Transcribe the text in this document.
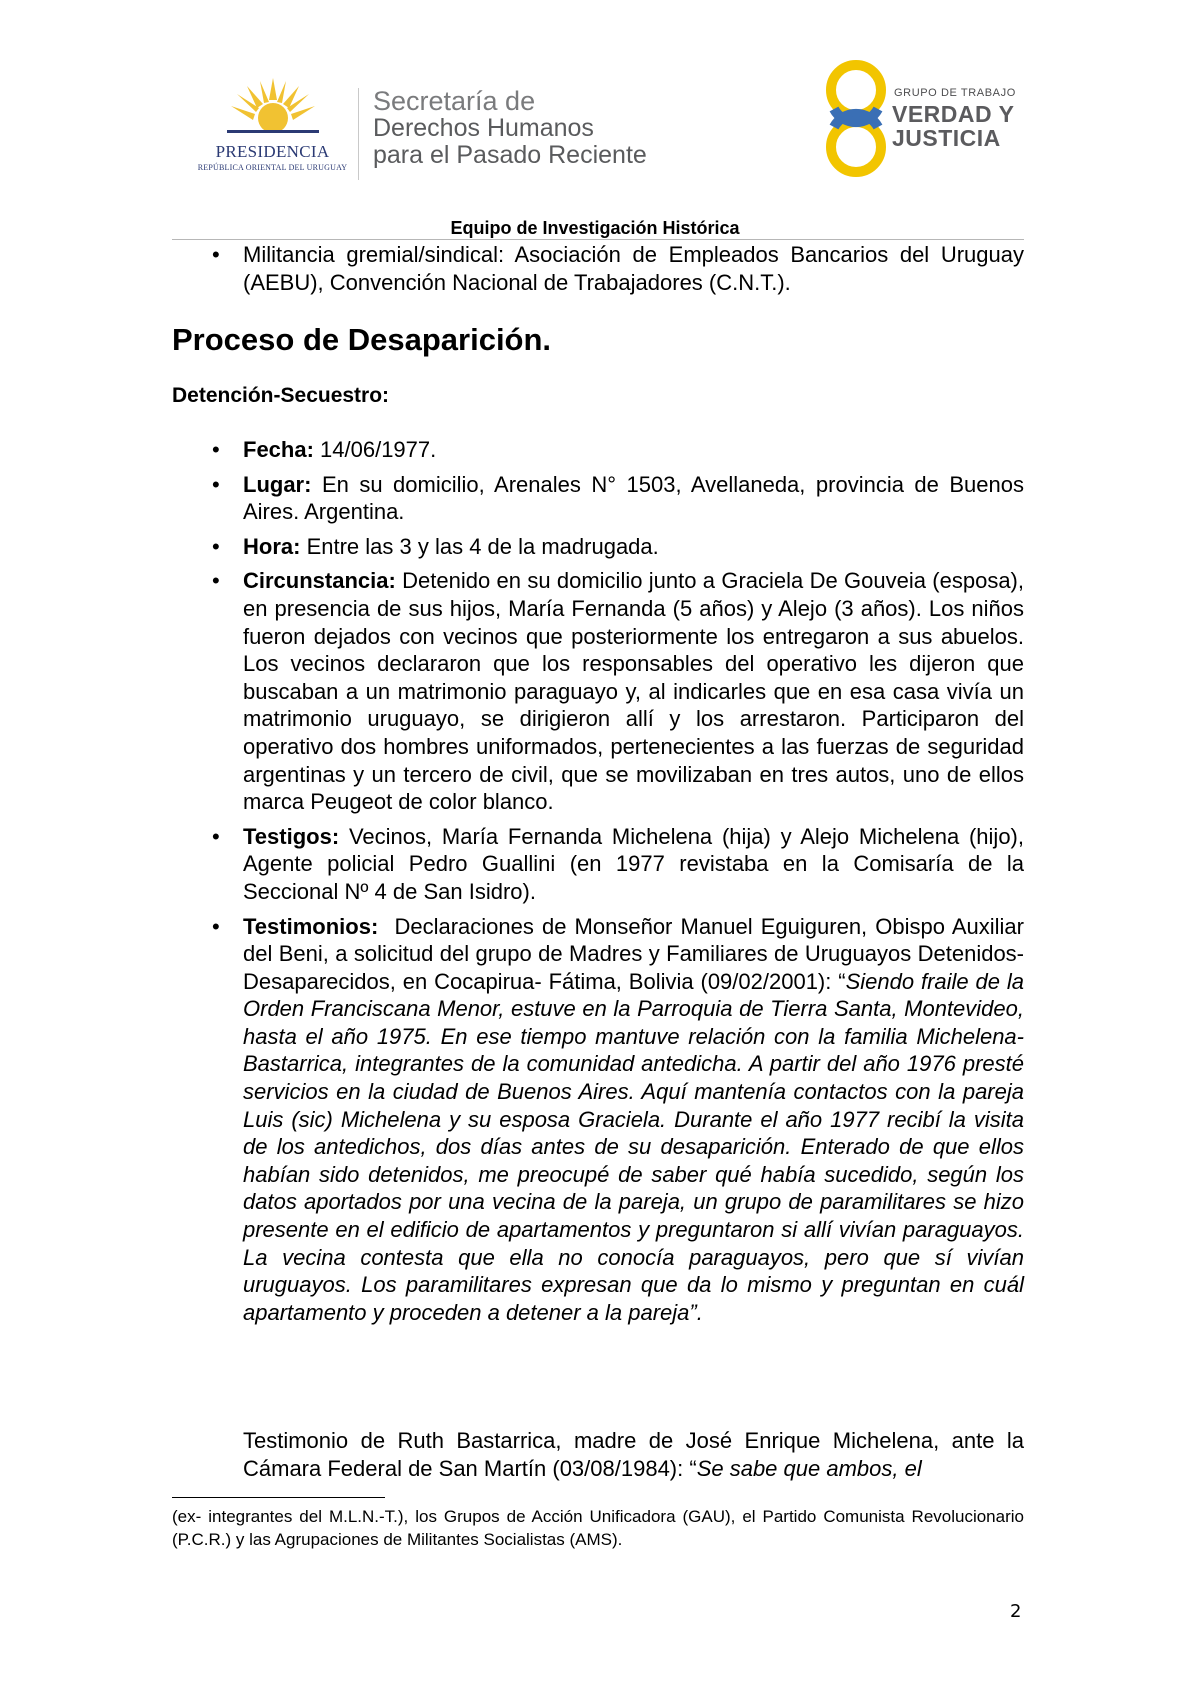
PRESIDENCIA
REPÚBLICA ORIENTAL DEL URUGUAY
Secretaría de
Derechos Humanos
para el Pasado Reciente
GRUPO DE TRABAJO
VERDAD Y
JUSTICIA
Equipo de Investigación Histórica
• Militancia gremial/sindical: Asociación de Empleados Bancarios del Uruguay (AEBU), Convención Nacional de Trabajadores (C.N.T.).
Proceso de Desaparición.
Detención-Secuestro:
• Fecha: 14/06/1977.
• Lugar: En su domicilio, Arenales N° 1503, Avellaneda, provincia de Buenos Aires. Argentina.
• Hora: Entre las 3 y las 4 de la madrugada.
• Circunstancia: Detenido en su domicilio junto a Graciela De Gouveia (esposa), en presencia de sus hijos, María Fernanda (5 años) y Alejo (3 años). Los niños fueron dejados con vecinos que posteriormente los entregaron a sus abuelos. Los vecinos declararon que los responsables del operativo les dijeron que buscaban a un matrimonio paraguayo y, al indicarles que en esa casa vivía un matrimonio uruguayo, se dirigieron allí y los arrestaron. Participaron del operativo dos hombres uniformados, pertenecientes a las fuerzas de seguridad argentinas y un tercero de civil, que se movilizaban en tres autos, uno de ellos marca Peugeot de color blanco.
• Testigos: Vecinos, María Fernanda Michelena (hija) y Alejo Michelena (hijo), Agente policial Pedro Guallini (en 1977 revistaba en la Comisaría de la Seccional Nº 4 de San Isidro).
• Testimonios:  Declaraciones de Monseñor Manuel Eguiguren, Obispo Auxiliar del Beni, a solicitud del grupo de Madres y Familiares de Uruguayos Detenidos-Desaparecidos, en Cocapirua- Fátima, Bolivia (09/02/2001): “Siendo fraile de la Orden Franciscana Menor, estuve en la Parroquia de Tierra Santa, Montevideo, hasta el año 1975. En ese tiempo mantuve relación con la familia Michelena-Bastarrica, integrantes de la comunidad antedicha. A partir del año 1976 presté servicios en la ciudad de Buenos Aires. Aquí mantenía contactos con la pareja Luis (sic) Michelena y su esposa Graciela. Durante el año 1977 recibí la visita de los antedichos, dos días antes de su desaparición. Enterado de que ellos habían sido detenidos, me preocupé de saber qué había sucedido, según los datos aportados por una vecina de la pareja, un grupo de paramilitares se hizo presente en el edificio de apartamentos y preguntaron si allí vivían paraguayos. La vecina contesta que ella no conocía paraguayos, pero que sí vivían uruguayos. Los paramilitares expresan que da lo mismo y preguntan en cuál apartamento y proceden a detener a la pareja”.

Testimonio de Ruth Bastarrica, madre de José Enrique Michelena, ante la Cámara Federal de San Martín (03/08/1984): “Se sabe que ambos, el

(ex- integrantes del M.L.N.-T.), los Grupos de Acción Unificadora (GAU), el Partido Comunista Revolucionario (P.C.R.) y las Agrupaciones de Militantes Socialistas (AMS).
2
